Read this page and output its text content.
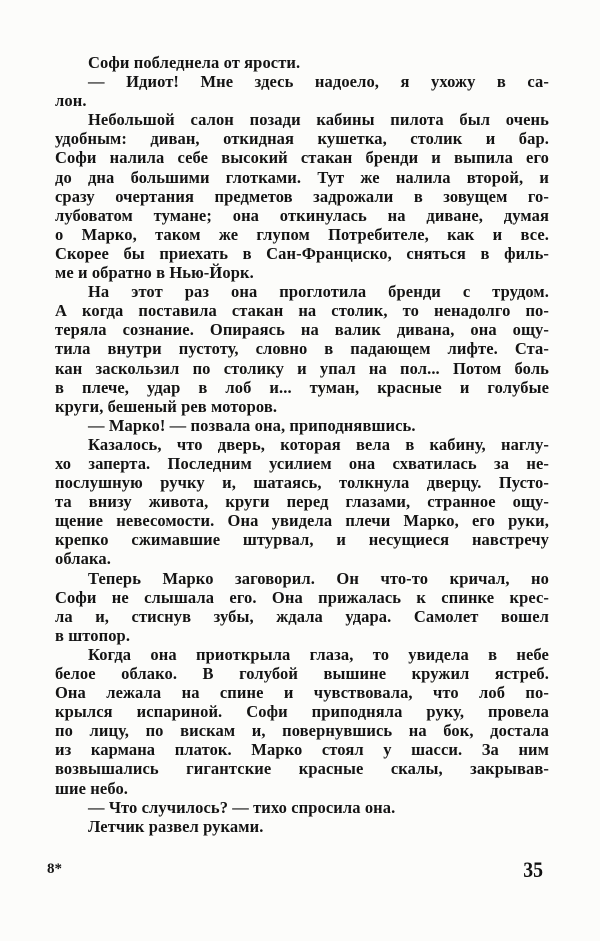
Софи побледнела от ярости.
— Идиот! Мне здесь надоело, я ухожу в са-
лон.
Небольшой салон позади кабины пилота был очень
удобным: диван, откидная кушетка, столик и бар.
Софи налила себе высокий стакан бренди и выпила его
до дна большими глотками. Тут же налила второй, и
сразу очертания предметов задрожали в зовущем го-
лубоватом тумане; она откинулась на диване, думая
о Марко, таком же глупом Потребителе, как и все.
Скорее бы приехать в Сан-Франциско, сняться в филь-
ме и обратно в Нью-Йорк.
На этот раз она проглотила бренди с трудом.
А когда поставила стакан на столик, то ненадолго по-
теряла сознание. Опираясь на валик дивана, она ощу-
тила внутри пустоту, словно в падающем лифте. Ста-
кан заскользил по столику и упал на пол... Потом боль
в плече, удар в лоб и... туман, красные и голубые
круги, бешеный рев моторов.
— Марко! — позвала она, приподнявшись.
Казалось, что дверь, которая вела в кабину, наглу-
хо заперта. Последним усилием она схватилась за не-
послушную ручку и, шатаясь, толкнула дверцу. Пусто-
та внизу живота, круги перед глазами, странное ощу-
щение невесомости. Она увидела плечи Марко, его руки,
крепко сжимавшие штурвал, и несущиеся навстречу
облака.
Теперь Марко заговорил. Он что-то кричал, но
Софи не слышала его. Она прижалась к спинке крес-
ла и, стиснув зубы, ждала удара. Самолет вошел
в штопор.
Когда она приоткрыла глаза, то увидела в небе
белое облако. В голубой вышине кружил ястреб.
Она лежала на спине и чувствовала, что лоб по-
крылся испариной. Софи приподняла руку, провела
по лицу, по вискам и, повернувшись на бок, достала
из кармана платок. Марко стоял у шасси. За ним
возвышались гигантские красные скалы, закрывав-
шие небо.
— Что случилось? — тихо спросила она.
Летчик развел руками.
8*	35
